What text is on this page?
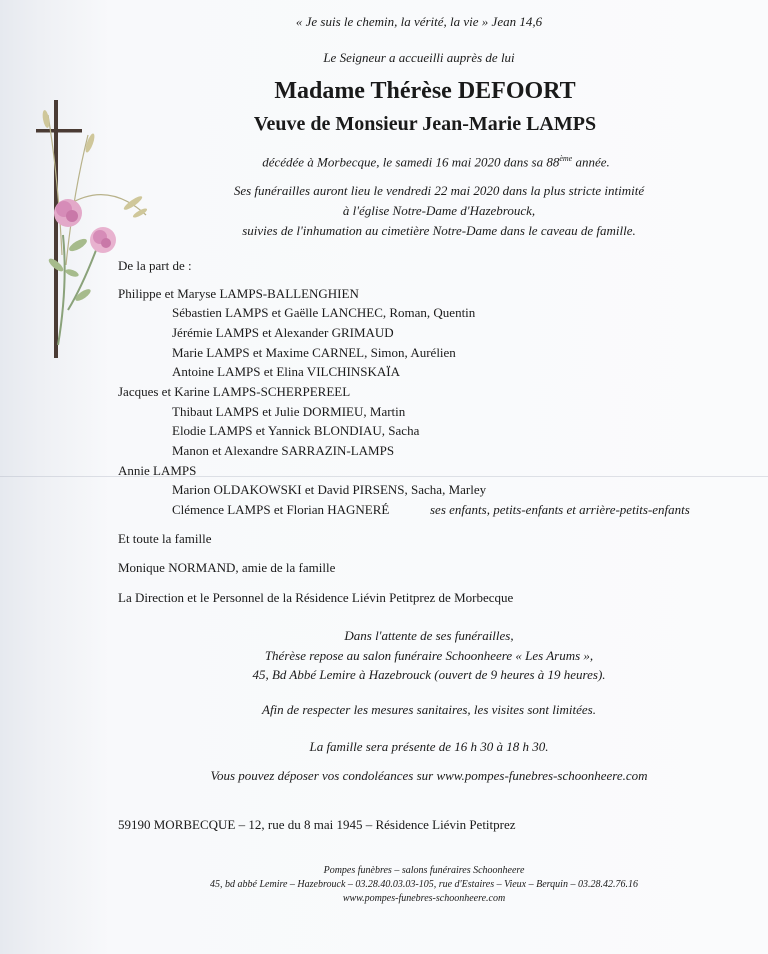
« Je suis le chemin, la vérité, la vie » Jean 14,6
Le Seigneur a accueilli auprès de lui
Madame Thérèse DEFOORT
Veuve de Monsieur Jean-Marie LAMPS
décédée à Morbecque, le samedi 16 mai 2020 dans sa 88ème année.
Ses funérailles auront lieu le vendredi 22 mai 2020 dans la plus stricte intimité
à l'église Notre-Dame d'Hazebrouck,
suivies de l'inhumation au cimetière Notre-Dame dans le caveau de famille.
De la part de :
Philippe et Maryse LAMPS-BALLENGHIEN
Sébastien LAMPS et Gaëlle LANCHEC, Roman, Quentin
Jérémie LAMPS et Alexander GRIMAUD
Marie LAMPS et Maxime CARNEL, Simon, Aurélien
Antoine LAMPS et Elina VILCHINSKAÏA
Jacques et Karine LAMPS-SCHERPEREEL
Thibaut LAMPS et Julie DORMIEU, Martin
Elodie LAMPS et Yannick BLONDIAU, Sacha
Manon et Alexandre SARRAZIN-LAMPS
Annie LAMPS
Marion OLDAKOWSKI et David PIRSENS, Sacha, Marley
Clémence LAMPS et Florian HAGNERÉ	ses enfants, petits-enfants et arrière-petits-enfants
Et toute la famille
Monique NORMAND, amie de la famille
La Direction et le Personnel de la Résidence Liévin Petitprez de Morbecque
Dans l'attente de ses funérailles,
Thérèse repose au salon funéraire Schoonheere « Les Arums »,
45, Bd Abbé Lemire à Hazebrouck (ouvert de 9 heures à 19 heures).
Afin de respecter les mesures sanitaires, les visites sont limitées.
La famille sera présente de 16 h 30 à 18 h 30.
Vous pouvez déposer vos condoléances sur www.pompes-funebres-schoonheere.com
59190 MORBECQUE – 12, rue du 8 mai 1945 – Résidence Liévin Petitprez
Pompes funèbres – salons funéraires Schoonheere
45, bd abbé Lemire – Hazebrouck – 03.28.40.03.03-105, rue d'Estaires – Vieux – Berquin – 03.28.42.76.16
www.pompes-funebres-schoonheere.com
